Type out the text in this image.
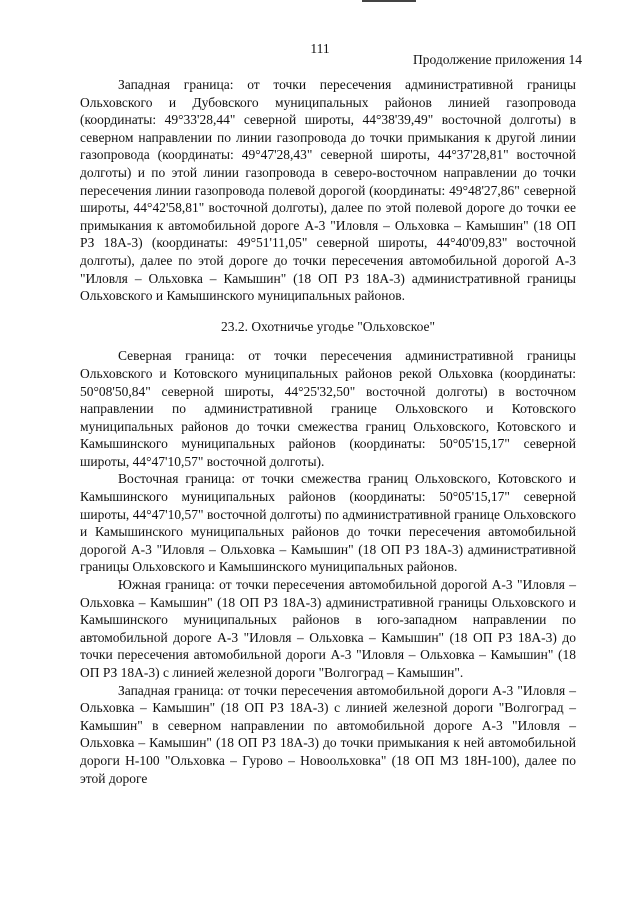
111
Продолжение приложения 14

Западная граница: от точки пересечения административной границы Ольховского и Дубовского муниципальных районов линией газопровода (координаты: 49°33'28,44" северной широты, 44°38'39,49" восточной долготы) в северном направлении по линии газопровода до точки примыкания к другой линии газопровода (координаты: 49°47'28,43" северной широты, 44°37'28,81" восточной долготы) и по этой линии газопровода в северо-восточном направлении до точки пересечения линии газопровода полевой дорогой (координаты: 49°48'27,86" северной широты, 44°42'58,81" восточной долготы), далее по этой полевой дороге до точки ее примыкания к автомобильной дороге А-3 "Иловля – Ольховка – Камышин" (18 ОП РЗ 18А-3) (координаты: 49°51'11,05" северной широты, 44°40'09,83" восточной долготы), далее по этой дороге до точки пересечения автомобильной дорогой А-3 "Иловля – Ольховка – Камышин" (18 ОП РЗ 18А-3) административной границы Ольховского и Камышинского муниципальных районов.

23.2. Охотничье угодье "Ольховское"

Северная граница: от точки пересечения административной границы Ольховского и Котовского муниципальных районов рекой Ольховка (координаты: 50°08'50,84" северной широты, 44°25'32,50" восточной долготы) в восточном направлении по административной границе Ольховского и Котовского муниципальных районов до точки смежества границ Ольховского, Котовского и Камышинского муниципальных районов (координаты: 50°05'15,17" северной широты, 44°47'10,57" восточной долготы).

Восточная граница: от точки смежества границ Ольховского, Котовского и Камышинского муниципальных районов (координаты: 50°05'15,17" северной широты, 44°47'10,57" восточной долготы) по административной границе Ольховского и Камышинского муниципальных районов до точки пересечения автомобильной дорогой А-3 "Иловля – Ольховка – Камышин" (18 ОП РЗ 18А-3) административной границы Ольховского и Камышинского муниципальных районов.

Южная граница: от точки пересечения автомобильной дорогой А-3 "Иловля – Ольховка – Камышин" (18 ОП РЗ 18А-3) административной границы Ольховского и Камышинского муниципальных районов в юго-западном направлении по автомобильной дороге А-3 "Иловля – Ольховка – Камышин" (18 ОП РЗ 18А-3) до точки пересечения автомобильной дороги А-3 "Иловля – Ольховка – Камышин" (18 ОП РЗ 18А-3) с линией железной дороги "Волгоград – Камышин".

Западная граница: от точки пересечения автомобильной дороги А-3 "Иловля – Ольховка – Камышин" (18 ОП РЗ 18А-3) с линией железной дороги "Волгоград – Камышин" в северном направлении по автомобильной дороге А-3 "Иловля – Ольховка – Камышин" (18 ОП РЗ 18А-3) до точки примыкания к ней автомобильной дороги Н-100 "Ольховка – Гурово – Новоольховка" (18 ОП МЗ 18Н-100), далее по этой дороге
